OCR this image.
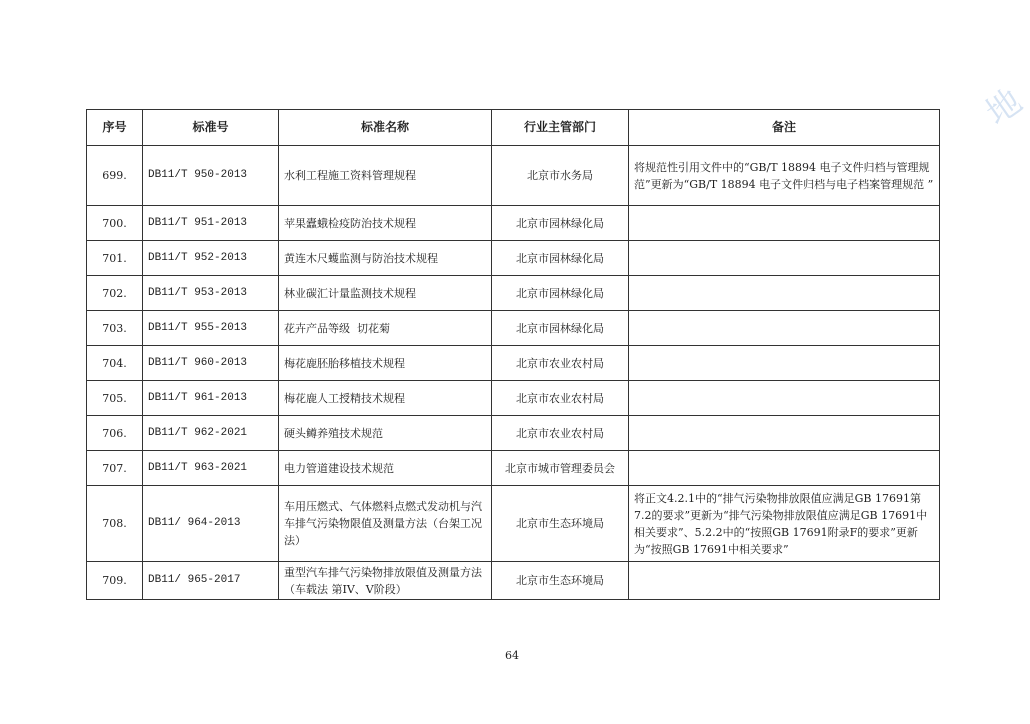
地
序号	标准号	标准名称	行业主管部门	备注
699.	DB11/T 950-2013	水利工程施工资料管理规程	北京市水务局	将规范性引用文件中的“GB/T 18894 电子文件归档与管理规范”更新为“GB/T 18894 电子文件归档与电子档案管理规范 ”
700.	DB11/T 951-2013	苹果蠹蛾检疫防治技术规程	北京市园林绿化局	
701.	DB11/T 952-2013	黄连木尺蠖监测与防治技术规程	北京市园林绿化局	
702.	DB11/T 953-2013	林业碳汇计量监测技术规程	北京市园林绿化局	
703.	DB11/T 955-2013	花卉产品等级  切花菊	北京市园林绿化局	
704.	DB11/T 960-2013	梅花鹿胚胎移植技术规程	北京市农业农村局	
705.	DB11/T 961-2013	梅花鹿人工授精技术规程	北京市农业农村局	
706.	DB11/T 962-2021	硬头鳟养殖技术规范	北京市农业农村局	
707.	DB11/T 963-2021	电力管道建设技术规范	北京市城市管理委员会	
708.	DB11/ 964-2013	车用压燃式、气体燃料点燃式发动机与汽车排气污染物限值及测量方法（台架工况法）	北京市生态环境局	将正文4.2.1中的“排气污染物排放限值应满足GB 17691第7.2的要求”更新为“排气污染物排放限值应满足GB 17691中相关要求”、5.2.2中的“按照GB 17691附录F的要求”更新为“按照GB 17691中相关要求”
709.	DB11/ 965-2017	重型汽车排气污染物排放限值及测量方法（车载法 第IV、V阶段）	北京市生态环境局	
64
